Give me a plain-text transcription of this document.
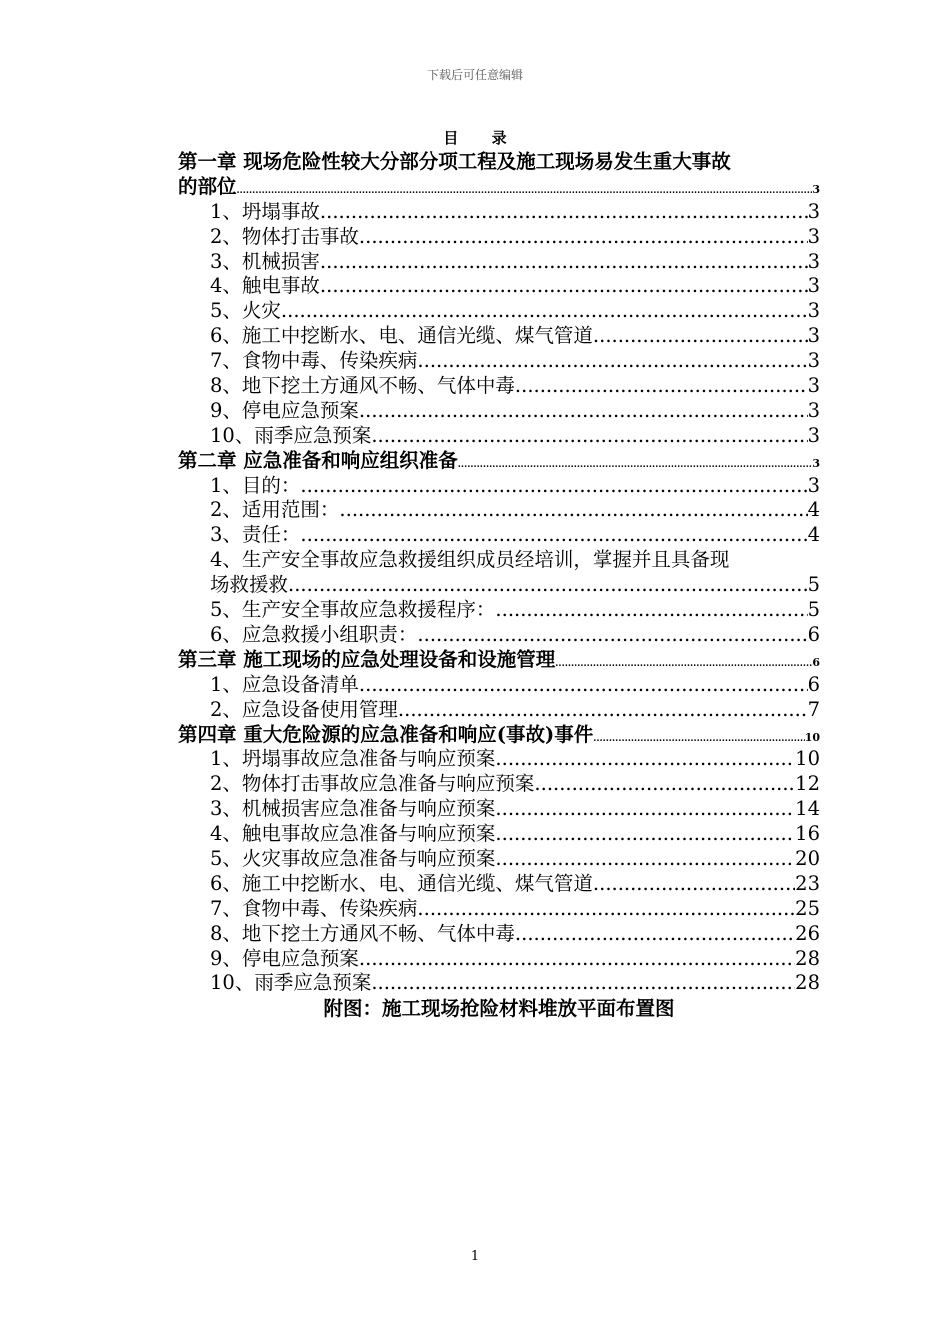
下载后可任意编辑
目 录
第一章 现场危险性较大分部分项工程及施工现场易发生重大事故
的部位 .....	3
1、坍塌事故 .....	3
2、物体打击事故 .....	3
3、机械损害 .....	3
4、触电事故 .....	3
5、火灾 .....	3
6、施工中挖断水、电、通信光缆、煤气管道 .....	3
7、食物中毒、传染疾病 .....	3
8、地下挖土方通风不畅、气体中毒 .....	3
9、停电应急预案 .....	3
10、雨季应急预案 .....	3
第二章 应急准备和响应组织准备 .....	3
1、目的： .....	3
2、适用范围： .....	4
3、责任： .....	4
4、生产安全事故应急救援组织成员经培训，掌握并且具备现
场救援救 .....	5
5、生产安全事故应急救援程序： .....	5
6、应急救援小组职责： .....	6
第三章 施工现场的应急处理设备和设施管理 .....	6
1、应急设备清单 .....	6
2、应急设备使用管理 .....	7
第四章 重大危险源的应急准备和响应(事故)事件 .....	10
1、坍塌事故应急准备与响应预案 .....	10
2、物体打击事故应急准备与响应预案 .....	12
3、机械损害应急准备与响应预案 .....	14
4、触电事故应急准备与响应预案 .....	16
5、火灾事故应急准备与响应预案 .....	20
6、施工中挖断水、电、通信光缆、煤气管道 .....	23
7、食物中毒、传染疾病 .....	25
8、地下挖土方通风不畅、气体中毒 .....	26
9、停电应急预案 .....	28
10、雨季应急预案 .....	28
附图：施工现场抢险材料堆放平面布置图
1
